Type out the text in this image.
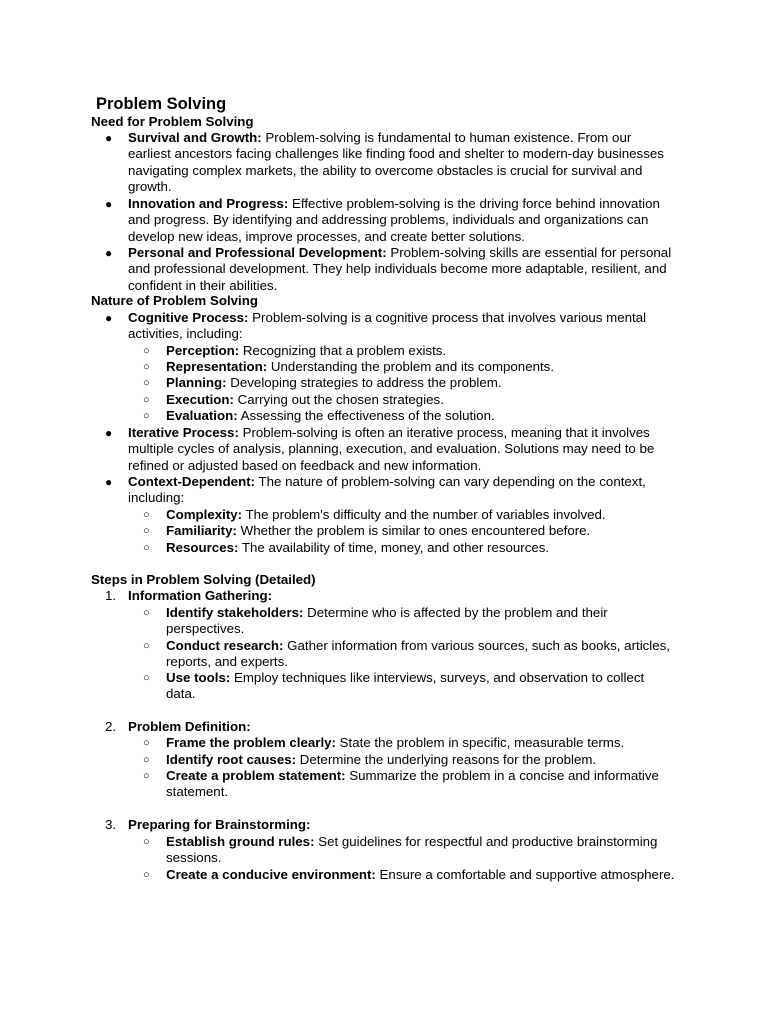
Problem Solving
Need for Problem Solving
● Survival and Growth: Problem-solving is fundamental to human existence. From our earliest ancestors facing challenges like finding food and shelter to modern-day businesses navigating complex markets, the ability to overcome obstacles is crucial for survival and growth.
● Innovation and Progress: Effective problem-solving is the driving force behind innovation and progress. By identifying and addressing problems, individuals and organizations can develop new ideas, improve processes, and create better solutions.
● Personal and Professional Development: Problem-solving skills are essential for personal and professional development. They help individuals become more adaptable, resilient, and confident in their abilities.
Nature of Problem Solving
● Cognitive Process: Problem-solving is a cognitive process that involves various mental activities, including:
○ Perception: Recognizing that a problem exists.
○ Representation: Understanding the problem and its components.
○ Planning: Developing strategies to address the problem.
○ Execution: Carrying out the chosen strategies.
○ Evaluation: Assessing the effectiveness of the solution.
● Iterative Process: Problem-solving is often an iterative process, meaning that it involves multiple cycles of analysis, planning, execution, and evaluation. Solutions may need to be refined or adjusted based on feedback and new information.
● Context-Dependent: The nature of problem-solving can vary depending on the context, including:
○ Complexity: The problem's difficulty and the number of variables involved.
○ Familiarity: Whether the problem is similar to ones encountered before.
○ Resources: The availability of time, money, and other resources.
Steps in Problem Solving (Detailed)
1. Information Gathering:
○ Identify stakeholders: Determine who is affected by the problem and their perspectives.
○ Conduct research: Gather information from various sources, such as books, articles, reports, and experts.
○ Use tools: Employ techniques like interviews, surveys, and observation to collect data.
2. Problem Definition:
○ Frame the problem clearly: State the problem in specific, measurable terms.
○ Identify root causes: Determine the underlying reasons for the problem.
○ Create a problem statement: Summarize the problem in a concise and informative statement.
3. Preparing for Brainstorming:
○ Establish ground rules: Set guidelines for respectful and productive brainstorming sessions.
○ Create a conducive environment: Ensure a comfortable and supportive atmosphere.
